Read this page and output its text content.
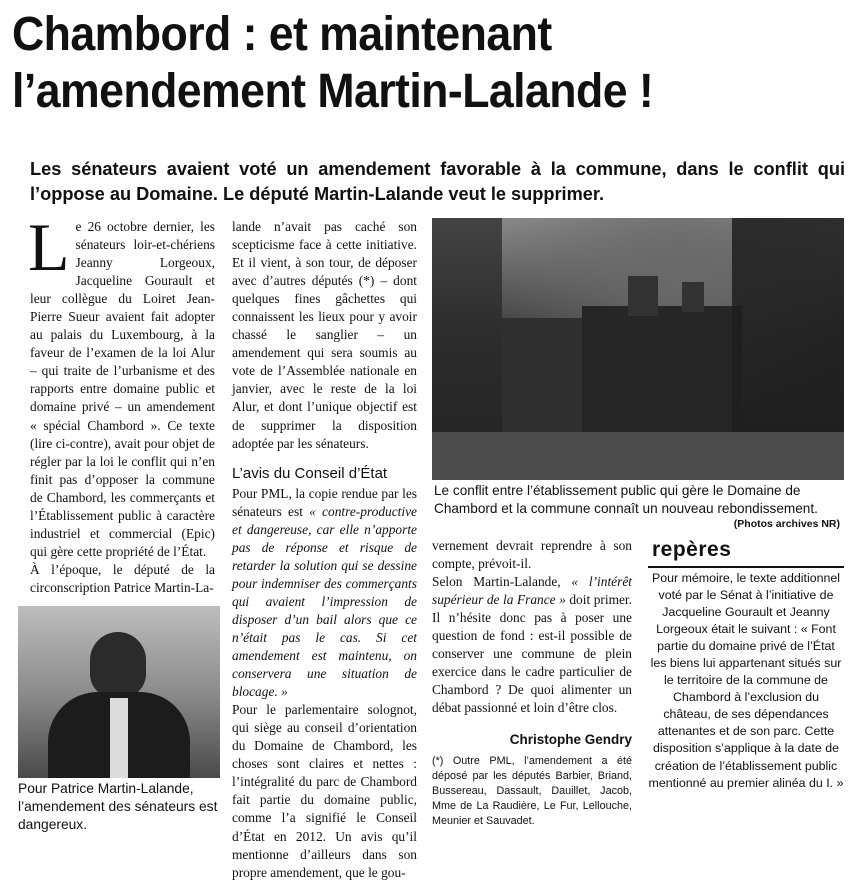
Chambord : et maintenant
l’amendement Martin-Lalande !
Les sénateurs avaient voté un amendement favorable à la commune, dans le conflit qui l’oppose au Domaine. Le député Martin-Lalande veut le supprimer.

Le 26 octobre dernier, les sénateurs loir-et-chériens Jeanny Lorgeoux, Jacqueline Gourault et leur collègue du Loiret Jean-Pierre Sueur avaient fait adopter au palais du Luxembourg, à la faveur de l’examen de la loi Alur – qui traite de l’urbanisme et des rapports entre domaine public et domaine privé – un amendement « spécial Chambord ». Ce texte (lire ci-contre), avait pour objet de régler par la loi le conflit qui n’en finit pas d’opposer la commune de Chambord, les commerçants et l’Établissement public à caractère industriel et commercial (Epic) qui gère cette propriété de l’État.

À l’époque, le député de la circonscription Patrice Martin-La-

Pour Patrice Martin-Lalande, l’amendement des sénateurs est dangereux.

lande n’avait pas caché son scepticisme face à cette initiative. Et il vient, à son tour, de déposer avec d’autres députés (*) – dont quelques fines gâchettes qui connaissent les lieux pour y avoir chassé le sanglier – un amendement qui sera soumis au vote de l’Assemblée nationale en janvier, avec le reste de la loi Alur, et dont l’unique objectif est de supprimer la disposition adoptée par les sénateurs.

L’avis du Conseil d’État

Pour PML, la copie rendue par les sénateurs est « contre-productive et dangereuse, car elle n’apporte pas de réponse et risque de retarder la solution qui se dessine pour indemniser des commerçants qui avaient l’impression de disposer d’un bail alors que ce n’était pas le cas. Si cet amendement est maintenu, on conservera une situation de blocage. »

Pour le parlementaire solognot, qui siège au conseil d’orientation du Domaine de Chambord, les choses sont claires et nettes : l’intégralité du parc de Chambord fait partie du domaine public, comme l’a signifié le Conseil d’État en 2012. Un avis qu’il mentionne d’ailleurs dans son propre amendement, que le gou-

Le conflit entre l’établissement public qui gère le Domaine de Chambord et la commune connaît un nouveau rebondissement.
(Photos archives NR)

vernement devrait reprendre à son compte, prévoit-il.

Selon Martin-Lalande, « l’intérêt supérieur de la France » doit primer. Il n’hésite donc pas à poser une question de fond : est-il possible de conserver une commune de plein exercice dans le cadre particulier de Chambord ? De quoi alimenter un débat passionné et loin d’être clos.

Christophe Gendry
(*) Outre PML, l’amendement a été déposé par les députés Barbier, Briand, Bussereau, Dassault, Dauillet, Jacob, Mme de La Raudière, Le Fur, Lellouche, Meunier et Sauvadet.
repères
Pour mémoire, le texte additionnel voté par le Sénat à l’initiative de Jacqueline Gourault et Jeanny Lorgeoux était le suivant : « Font partie du domaine privé de l’État les biens lui appartenant situés sur le territoire de la commune de Chambord à l’exclusion du château, de ses dépendances attenantes et de son parc. Cette disposition s’applique à la date de création de l’établissement public mentionné au premier alinéa du I. »
